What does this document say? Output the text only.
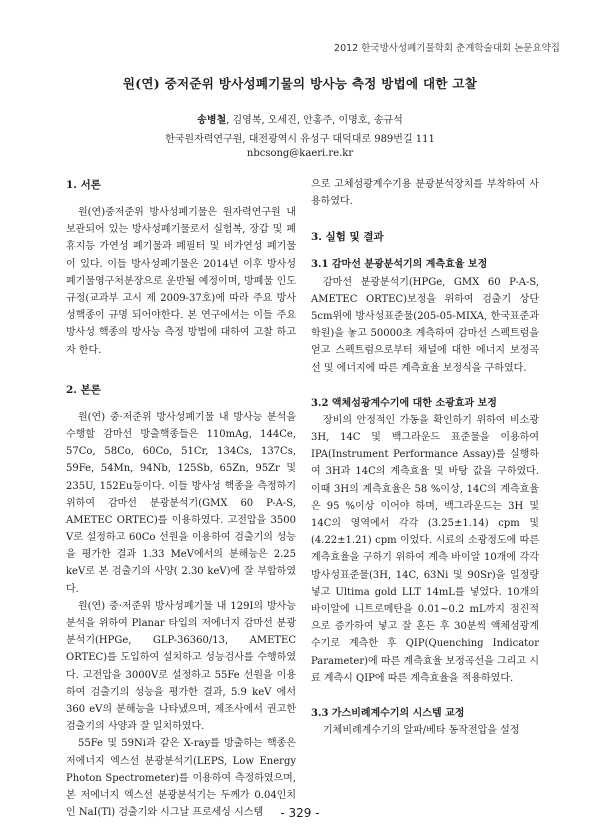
2012 한국방사성폐기물학회 춘계학술대회 논문요약집
원(연) 중저준위 방사성폐기물의 방사능 측정 방법에 대한 고찰
송병철, 김영복, 오세진, 안홍주, 이명호, 송규석
한국원자력연구원, 대전광역시 유성구 대덕대로 989번길 111
nbcsong@kaeri.re.kr

1. 서론

원(연)중저준위 방사성폐기물은 원자력연구원 내 보관되어 있는 방사성폐기물로서 실험복, 장갑 및 폐휴지등 가연성 폐기물과 폐필터 및 비가연성 폐기물이 있다. 이들 방사성폐기물은 2014년 이후 방사성폐기물영구처분장으로 운반될 예정이며, 방폐물 인도규정(교과부 고시 제 2009-37호)에 따라 주요 방사성핵종이 규명 되어야한다. 본 연구에서는 이들 주요 방사성 핵종의 방사능 측정 방법에 대하여 고찰 하고자 한다.

2. 본론

원(연) 중·저준위 방사성폐기물 내 방사능 분석을 수행할 감마선 방출핵종들은 110mAg, 144Ce, 57Co, 58Co, 60Co, 51Cr, 134Cs, 137Cs, 59Fe, 54Mn, 94Nb, 125Sb, 65Zn, 95Zr 및 235U, 152Eu등이다. 이들 방사성 핵종을 측정하기 위하여 감마선 분광분석기(GMX 60 P-A-S, AMETEC ORTEC)를 이용하였다. 고전압을 3500 V로 설정하고 60Co 선원을 이용하여 검출기의 성능을 평가한 결과 1.33 MeV에서의 분해능은 2.25 keV로 본 검출기의 사양( 2.30 keV)에 잘 부합하였다.

원(연) 중·저준위 방사성폐기물 내 129I의 방사능 분석을 위하여 Planar 타입의 저에너지 감마선 분광분석기(HPGe, GLP-36360/13, AMETEC ORTEC)를 도입하여 설치하고 성능검사를 수행하였다. 고전압을 3000V로 설정하고 55Fe 선원을 이용하여 검출기의 성능을 평가한 결과, 5.9 keV 에서 360 eV의 분해능을 나타냈으며, 제조사에서 권고한 검출기의 사양과 잘 일치하였다.

55Fe 및 59Ni과 같은 X-ray를 방출하는 핵종은 저에너지 엑스선 분광분석기(LEPS, Low Energy Photon Spectrometer)를 이용하여 측정하였으며, 본 저에너지 엑스선 분광분석기는 두께가 0.04인치인 NaI(Tl) 검출기와 시그날 프로세싱 시스템

으로 고체섬광계수기용 분광분석장치를 부착하여 사용하였다.

3. 실험 및 결과

3.1 감마선 분광분석기의 계측효율 보정

감마선 분광분석기(HPGe, GMX 60 P-A-S, AMETEC ORTEC)보정을 위하여 검출기 상단 5cm위에 방사성표준물(205-05-MIXA, 한국표준과학원)을 놓고 50000초 계측하여 감마선 스펙트럼을 얻고 스펙트럼으로부터 채널에 대한 에너지 보정곡선 및 에너지에 따른 계측효율 보정식을 구하였다.

3.2 액체섬광계수기에 대한 소광효과 보정

장비의 안정적인 가동을 확인하기 위하여 비소광 3H, 14C 및 백그라운드 표준물을 이용하여 IPA(Instrument Performance Assay)를 실행하여 3H과 14C의 계측효율 및 바탕 값을 구하였다. 이때 3H의 계측효율은 58 %이상, 14C의 계측효율은 95 %이상 이어야 하며, 백그라운드는 3H 및 14C의 영역에서 각각 (3.25±1.14) cpm 및 (4.22±1.21) cpm 이었다. 시료의 소광정도에 따른 계측효율을 구하기 위하여 계측 바이알 10개에 각각 방사성표준물(3H, 14C, 63Ni 및 90Sr)을 일정량 넣고 Ultima gold LLT 14mL를 넣었다. 10개의 바이알에 니트로메탄을 0.01~0.2 mL까지 점진적으로 증가하여 넣고 잘 혼든 후 30분씩 액체섬광계수기로 계측한 후 QIP(Quenching Indicator Parameter)에 따른 계측효율 보정곡선을 그리고 시료 계측시 QIP에 따른 계측효율을 적용하였다.

3.3 가스비례계수기의 시스템 교정

기체비례계수기의 알파/베타 동작전압을 설정

- 329 -
